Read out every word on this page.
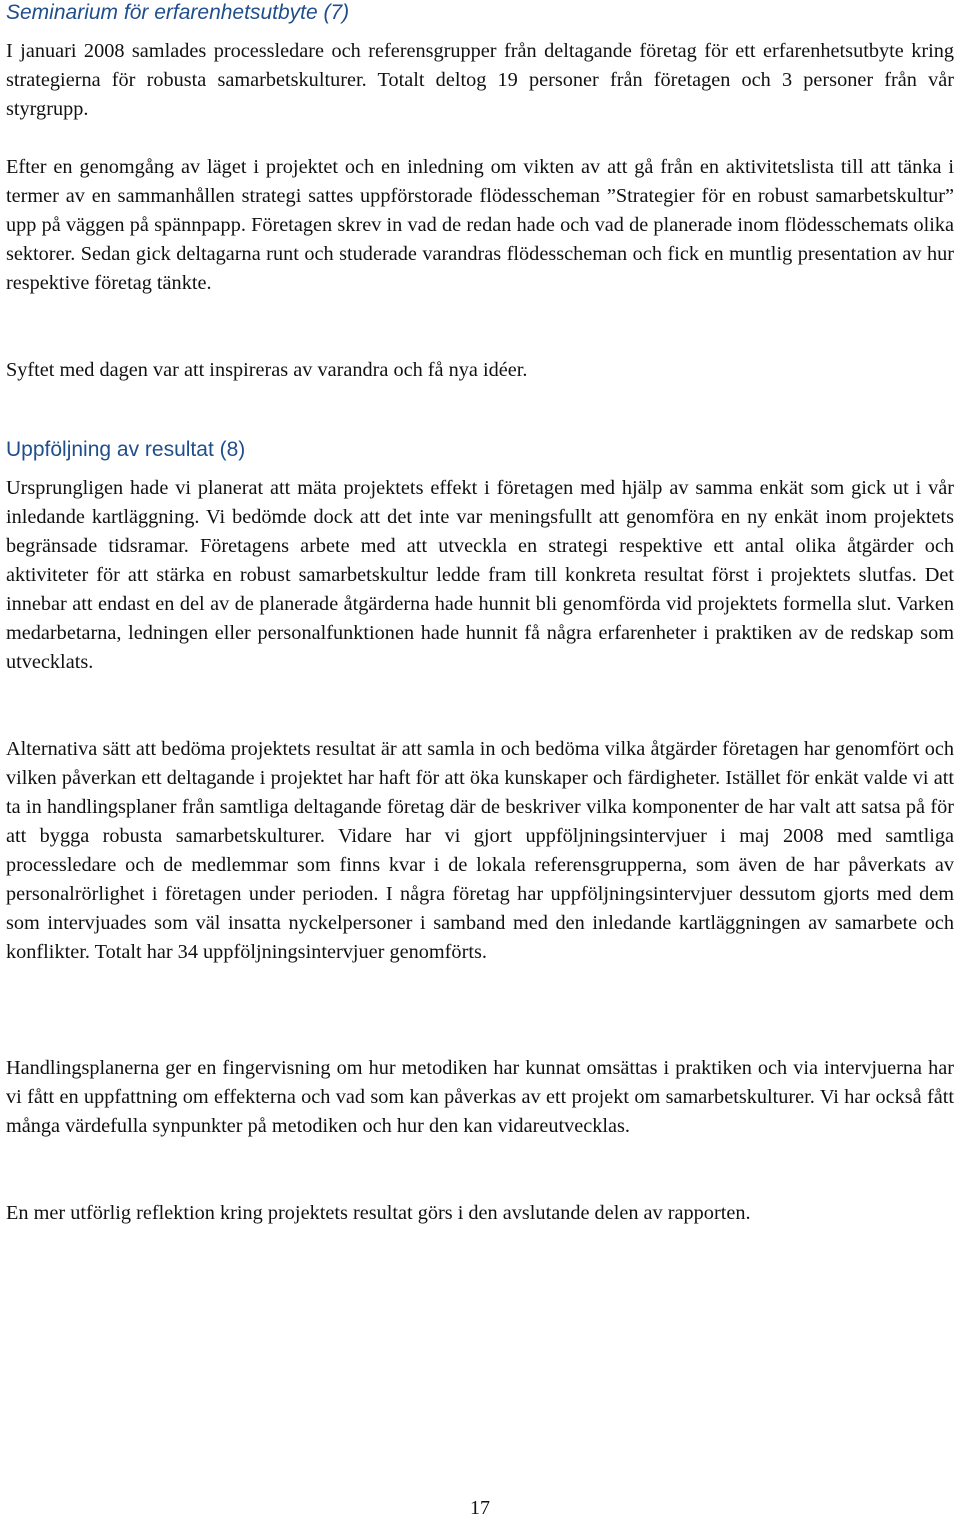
Seminarium för erfarenhetsutbyte (7)

I januari 2008 samlades processledare och referensgrupper från deltagande företag för ett erfarenhetsutbyte kring strategierna för robusta samarbetskulturer. Totalt deltog 19 personer från företagen och 3 personer från vår styrgrupp.

Efter en genomgång av läget i projektet och en inledning om vikten av att gå från en aktivitetslista till att tänka i termer av en sammanhållen strategi sattes uppförstorade flödesscheman ”Strategier för en robust samarbetskultur” upp på väggen på spännpapp. Företagen skrev in vad de redan hade och vad de planerade inom flödesschemats olika sektorer. Sedan gick deltagarna runt och studerade varandras flödesscheman och fick en muntlig presentation av hur respektive företag tänkte.

Syftet med dagen var att inspireras av varandra och få nya idéer.

Uppföljning av resultat (8)

Ursprungligen hade vi planerat att mäta projektets effekt i företagen med hjälp av samma enkät som gick ut i vår inledande kartläggning. Vi bedömde dock att det inte var meningsfullt att genomföra en ny enkät inom projektets begränsade tidsramar. Företagens arbete med att utveckla en strategi respektive ett antal olika åtgärder och aktiviteter för att stärka en robust samarbetskultur ledde fram till konkreta resultat först i projektets slutfas. Det innebar att endast en del av de planerade åtgärderna hade hunnit bli genomförda vid projektets formella slut. Varken medarbetarna, ledningen eller personalfunktionen hade hunnit få några erfarenheter i praktiken av de redskap som utvecklats.

Alternativa sätt att bedöma projektets resultat är att samla in och bedöma vilka åtgärder företagen har genomfört och vilken påverkan ett deltagande i projektet har haft för att öka kunskaper och färdigheter. Istället för enkät valde vi att ta in handlingsplaner från samtliga deltagande företag där de beskriver vilka komponenter de har valt att satsa på för att bygga robusta samarbetskulturer. Vidare har vi gjort uppföljningsintervjuer i maj 2008 med samtliga processledare och de medlemmar som finns kvar i de lokala referensgrupperna, som även de har påverkats av personalrörlighet i företagen under perioden. I några företag har uppföljningsintervjuer dessutom gjorts med dem som intervjuades som väl insatta nyckelpersoner i samband med den inledande kartläggningen av samarbete och konflikter. Totalt har 34 uppföljningsintervjuer genomförts.

Handlingsplanerna ger en fingervisning om hur metodiken har kunnat omsättas i praktiken och via intervjuerna har vi fått en uppfattning om effekterna och vad som kan påverkas av ett projekt om samarbetskulturer. Vi har också fått många värdefulla synpunkter på metodiken och hur den kan vidareutvecklas.

En mer utförlig reflektion kring projektets resultat görs i den avslutande delen av rapporten.

17
